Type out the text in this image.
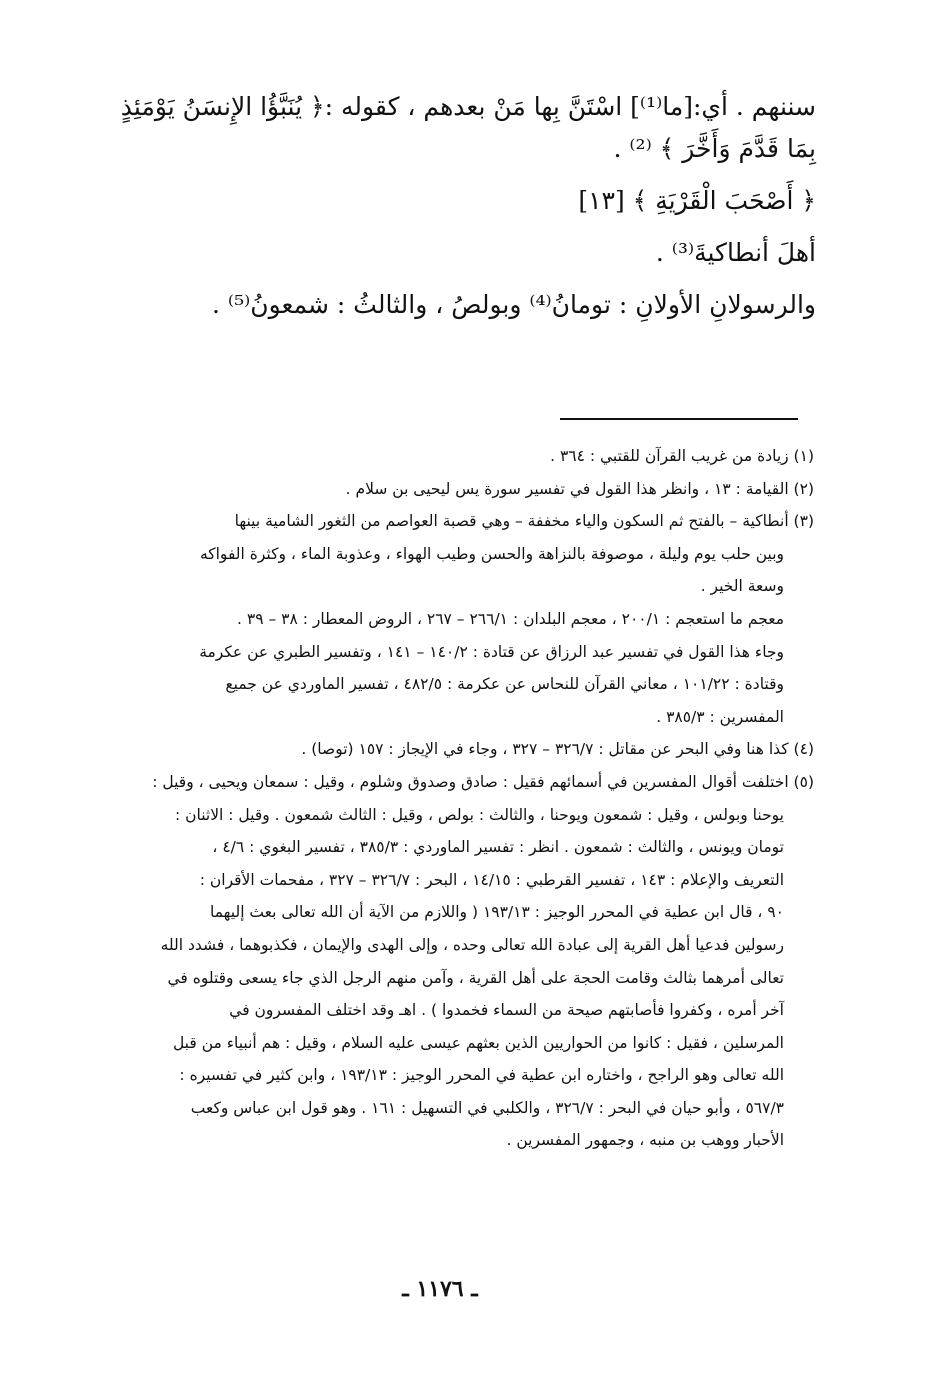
سننهم . أي:[ما⁽¹⁾] اسْتَنَّ بِها مَنْ بعدهم ، كقوله :﴿ يُنَبَّؤُا الإِنسَنُ يَوْمَئِذٍ

بِمَا قَدَّمَ وَأَخَّرَ ﴾ ⁽²⁾ .

﴿ أَصْحَبَ الْقَرْيَةِ ﴾ [١٣]

أهلَ أنطاكيةَ⁽³⁾ .

والرسولانِ الأولانِ : تومانُ⁽⁴⁾ وبولصُ ، والثالثُ : شمعونُ⁽⁵⁾ .

(١) زيادة من غريب القرآن للقتبي : ٣٦٤ .

(٢) القيامة : ١٣ ، وانظر هذا القول في تفسير سورة يس ليحيى بن سلام .

(٣) أنطاكية – بالفتح ثم السكون والياء مخففة – وهي قصبة العواصم من الثغور الشامية بينها

وبين حلب يوم وليلة ، موصوفة بالنزاهة والحسن وطيب الهواء ، وعذوبة الماء ، وكثرة الفواكه

وسعة الخير .

معجم ما استعجم : ٢٠٠/١ ، معجم البلدان : ٢٦٦/١ – ٢٦٧ ، الروض المعطار : ٣٨ – ٣٩ .

وجاء هذا القول في تفسير عبد الرزاق عن قتادة : ١٤٠/٢ – ١٤١ ، وتفسير الطبري عن عكرمة

وقتادة : ١٠١/٢٢ ، معاني القرآن للنحاس عن عكرمة : ٤٨٢/٥ ، تفسير الماوردي عن جميع

المفسرين : ٣٨٥/٣ .

(٤) كذا هنا وفي البحر عن مقاتل : ٣٢٦/٧ – ٣٢٧ ، وجاء في الإيجاز : ١٥٧ (توصا) .

(٥) اختلفت أقوال المفسرين في أسمائهم فقيل : صادق وصدوق وشلوم ، وقيل : سمعان ويحيى ، وقيل :

يوحنا وبولس ، وقيل : شمعون ويوحنا ، والثالث : بولص ، وقيل : الثالث شمعون . وقيل : الاثنان :

تومان ويونس ، والثالث : شمعون . انظر : تفسير الماوردي : ٣٨٥/٣ ، تفسير البغوي : ٤/٦ ،

التعريف والإعلام : ١٤٣ ، تفسير القرطبي : ١٤/١٥ ، البحر : ٣٢٦/٧ – ٣٢٧ ، مفحمات الأقران :

٩٠ ، قال ابن عطية في المحرر الوجيز : ١٩٣/١٣ ( واللازم من الآية أن الله تعالى بعث إليهما

رسولين فدعيا أهل القرية إلى عبادة الله تعالى وحده ، وإلى الهدى والإيمان ، فكذبوهما ، فشدد الله

تعالى أمرهما بثالث وقامت الحجة على أهل القرية ، وآمن منهم الرجل الذي جاء يسعى وقتلوه في

آخر أمره ، وكفروا فأصابتهم صيحة من السماء فخمدوا ) . اهـ وقد اختلف المفسرون في

المرسلين ، فقيل : كانوا من الحواريين الذين بعثهم عيسى عليه السلام ، وقيل : هم أنبياء من قبل

الله تعالى وهو الراجح ، واختاره ابن عطية في المحرر الوجيز : ١٩٣/١٣ ، وابن كثير في تفسيره :

٥٦٧/٣ ، وأبو حيان في البحر : ٣٢٦/٧ ، والكلبي في التسهيل : ١٦١ . وهو قول ابن عباس وكعب

الأحبار ووهب بن منبه ، وجمهور المفسرين .

ـ ١١٧٦ ـ
